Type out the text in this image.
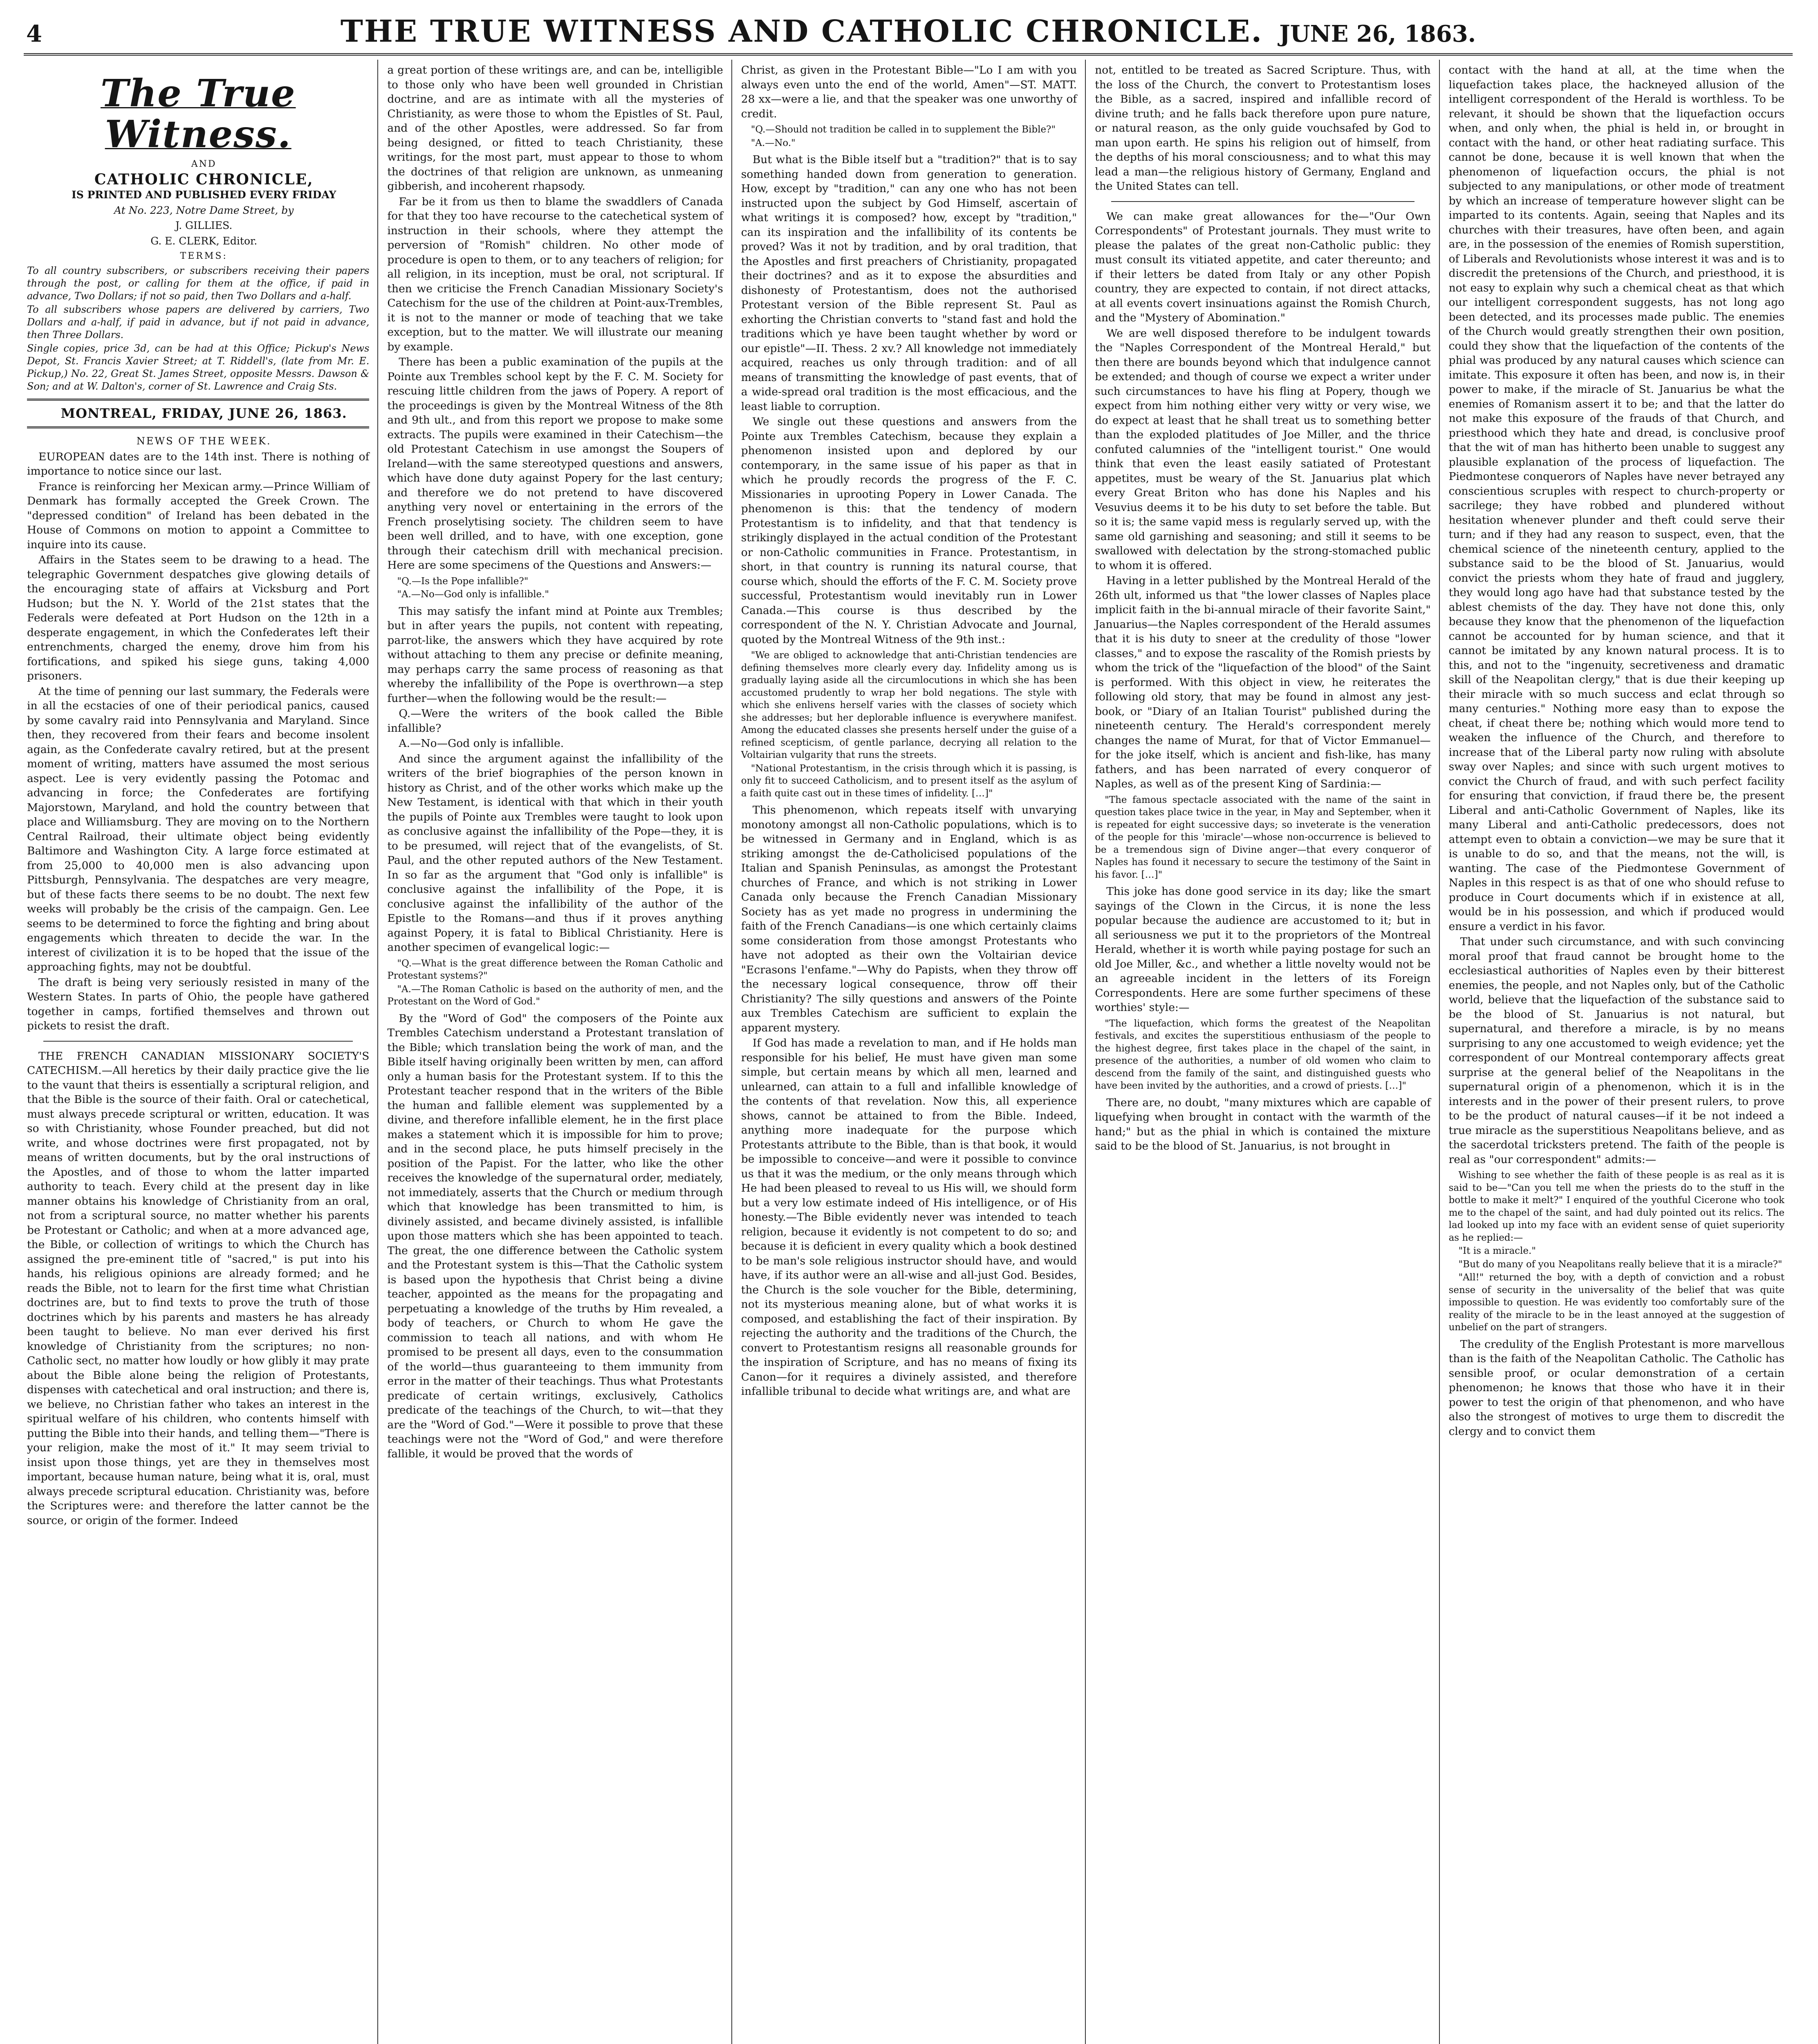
4	THE TRUE WITNESS AND CATHOLIC CHRONICLE. JUNE 26, 1863.
The True Witness.

AND

CATHOLIC CHRONICLE,

IS PRINTED AND PUBLISHED EVERY FRIDAY

At No. 223, Notre Dame Street, by

J. GILLIES.

G. E. CLERK, Editor.

TERMS:

To all country subscribers, or subscribers receiving their papers through the post, or calling for them at the office, if paid in advance, Two Dollars; if not so paid, then Two Dollars and a-half.

To all subscribers whose papers are delivered by carriers, Two Dollars and a-half, if paid in advance, but if not paid in advance, then Three Dollars.

Single copies, price 3d, can be had at this Office; Pickup's News Depot, St. Francis Xavier Street; at T. Riddell's, (late from Mr. E. Pickup,) No. 22, Great St. James Street, opposite Messrs. Dawson & Son; and at W. Dalton's, corner of St. Lawrence and Craig Sts.

MONTREAL, FRIDAY, JUNE 26, 1863.

NEWS OF THE WEEK.

EUROPEAN dates are to the 14th inst. There is nothing of importance to notice since our last.

France is reinforcing her Mexican army.—Prince William of Denmark has formally accepted the Greek Crown. The "depressed condition" of Ireland has been debated in the House of Commons on motion to appoint a Committee to inquire into its cause.

Affairs in the States seem to be drawing to a head. The telegraphic Government despatches give glowing details of the encouraging state of affairs at Vicksburg and Port Hudson; but the N. Y. World of the 21st states that the Federals were defeated at Port Hudson on the 12th in a desperate engagement, in which the Confederates left their entrenchments, charged the enemy, drove him from his fortifications, and spiked his siege guns, taking 4,000 prisoners.

At the time of penning our last summary, the Federals were in all the ecstacies of one of their periodical panics, caused by some cavalry raid into Pennsylvania and Maryland. Since then, they recovered from their fears and become insolent again, as the Confederate cavalry retired, but at the present moment of writing, matters have assumed the most serious aspect. Lee is very evidently passing the Potomac and advancing in force; the Confederates are fortifying Majorstown, Maryland, and hold the country between that place and Williamsburg. They are moving on to the Northern Central Railroad, their ultimate object being evidently Baltimore and Washington City. A large force estimated at from 25,000 to 40,000 men is also advancing upon Pittsburgh, Pennsylvania. The despatches are very meagre, but of these facts there seems to be no doubt. The next few weeks will probably be the crisis of the campaign. Gen. Lee seems to be determined to force the fighting and bring about engagements which threaten to decide the war. In the interest of civilization it is to be hoped that the issue of the approaching fights, may not be doubtful.

The draft is being very seriously resisted in many of the Western States. In parts of Ohio, the people have gathered together in camps, fortified themselves and thrown out pickets to resist the draft.

THE FRENCH CANADIAN MISSIONARY SOCIETY'S CATECHISM.—All heretics by their daily practice give the lie to the vaunt that theirs is essentially a scriptural religion, and that the Bible is the source of their faith. Oral or catechetical, must always precede scriptural or written, education. It was so with Christianity, whose Founder preached, but did not write, and whose doctrines were first propagated, not by means of written documents, but by the oral instructions of the Apostles, and of those to whom the latter imparted authority to teach. Every child at the present day in like manner obtains his knowledge of Christianity from an oral, not from a scriptural source, no matter whether his parents be Protestant or Catholic; and when at a more advanced age, the Bible, or collection of writings to which the Church has assigned the pre-eminent title of "sacred," is put into his hands, his religious opinions are already formed; and he reads the Bible, not to learn for the first time what Christian doctrines are, but to find texts to prove the truth of those doctrines which by his parents and masters he has already been taught to believe. No man ever derived his first knowledge of Christianity from the scriptures; no non-Catholic sect, no matter how loudly or how glibly it may prate about the Bible alone being the religion of Protestants, dispenses with catechetical and oral instruction; and there is, we believe, no Christian father who takes an interest in the spiritual welfare of his children, who contents himself with putting the Bible into their hands, and telling them—"There is your religion, make the most of it." It may seem trivial to insist upon those things, yet are they in themselves most important, because human nature, being what it is, oral, must always precede scriptural education. Christianity was, before the Scriptures were: and therefore the latter cannot be the source, or origin of the former. Indeed

a great portion of these writings are, and can be, intelligible to those only who have been well grounded in Christian doctrine, and are as intimate with all the mysteries of Christianity, as were those to whom the Epistles of St. Paul, and of the other Apostles, were addressed. So far from being designed, or fitted to teach Christianity, these writings, for the most part, must appear to those to whom the doctrines of that religion are unknown, as unmeaning gibberish, and incoherent rhapsody.

Far be it from us then to blame the swaddlers of Canada for that they too have recourse to the catechetical system of instruction in their schools, where they attempt the perversion of "Romish" children. No other mode of procedure is open to them, or to any teachers of religion; for all religion, in its inception, must be oral, not scriptural. If then we criticise the French Canadian Missionary Society's Catechism for the use of the children at Point-aux-Trembles, it is not to the manner or mode of teaching that we take exception, but to the matter. We will illustrate our meaning by example.

There has been a public examination of the pupils at the Pointe aux Trembles school kept by the F. C. M. Society for rescuing little children from the jaws of Popery. A report of the proceedings is given by the Montreal Witness of the 8th and 9th ult., and from this report we propose to make some extracts. The pupils were examined in their Catechism—the old Protestant Catechism in use amongst the Soupers of Ireland—with the same stereotyped questions and answers, which have done duty against Popery for the last century; and therefore we do not pretend to have discovered anything very novel or entertaining in the errors of the French proselytising society. The children seem to have been well drilled, and to have, with one exception, gone through their catechism drill with mechanical precision. Here are some specimens of the Questions and Answers:—

"Q.—Is the Pope infallible?"

"A.—No—God only is infallible."

This may satisfy the infant mind at Pointe aux Trembles; but in after years the pupils, not content with repeating, parrot-like, the answers which they have acquired by rote without attaching to them any precise or definite meaning, may perhaps carry the same process of reasoning as that whereby the infallibility of the Pope is overthrown—a step further—when the following would be the result:—

Q.—Were the writers of the book called the Bible infallible?

A.—No—God only is infallible.

And since the argument against the infallibility of the writers of the brief biographies of the person known in history as Christ, and of the other works which make up the New Testament, is identical with that which in their youth the pupils of Pointe aux Trembles were taught to look upon as conclusive against the infallibility of the Pope—they, it is to be presumed, will reject that of the evangelists, of St. Paul, and the other reputed authors of the New Testament. In so far as the argument that "God only is infallible" is conclusive against the infallibility of the Pope, it is conclusive against the infallibility of the author of the Epistle to the Romans—and thus if it proves anything against Popery, it is fatal to Biblical Christianity. Here is another specimen of evangelical logic:—

"Q.—What is the great difference between the Roman Catholic and Protestant systems?"

"A.—The Roman Catholic is based on the authority of men, and the Protestant on the Word of God."

By the "Word of God" the composers of the Pointe aux Trembles Catechism understand a Protestant translation of the Bible; which translation being the work of man, and the Bible itself having originally been written by men, can afford only a human basis for the Protestant system. If to this the Protestant teacher respond that in the writers of the Bible the human and fallible element was supplemented by a divine, and therefore infallible element, he in the first place makes a statement which it is impossible for him to prove; and in the second place, he puts himself precisely in the position of the Papist. For the latter, who like the other receives the knowledge of the supernatural order, mediately, not immediately, asserts that the Church or medium through which that knowledge has been transmitted to him, is divinely assisted, and became divinely assisted, is infallible upon those matters which she has been appointed to teach. The great, the one difference between the Catholic system and the Protestant system is this—That the Catholic system is based upon the hypothesis that Christ being a divine teacher, appointed as the means for the propagating and perpetuating a knowledge of the truths by Him revealed, a body of teachers, or Church to whom He gave the commission to teach all nations, and with whom He promised to be present all days, even to the consummation of the world—thus guaranteeing to them immunity from error in the matter of their teachings. Thus what Protestants predicate of certain writings, exclusively, Catholics predicate of the teachings of the Church, to wit—that they are the "Word of God."—Were it possible to prove that these teachings were not the "Word of God," and were therefore fallible, it would be proved that the words of

Christ, as given in the Protestant Bible—"Lo I am with you always even unto the end of the world, Amen"—ST. MATT. 28 xx—were a lie, and that the speaker was one unworthy of credit.

"Q.—Should not tradition be called in to supplement the Bible?"

"A.—No."

But what is the Bible itself but a "tradition?" that is to say something handed down from generation to generation. How, except by "tradition," can any one who has not been instructed upon the subject by God Himself, ascertain of what writings it is composed? how, except by "tradition," can its inspiration and the infallibility of its contents be proved? Was it not by tradition, and by oral tradition, that the Apostles and first preachers of Christianity, propagated their doctrines? and as it to expose the absurdities and dishonesty of Protestantism, does not the authorised Protestant version of the Bible represent St. Paul as exhorting the Christian converts to "stand fast and hold the traditions which ye have been taught whether by word or our epistle"—II. Thess. 2 xv.? All knowledge not immediately acquired, reaches us only through tradition: and of all means of transmitting the knowledge of past events, that of a wide-spread oral tradition is the most efficacious, and the least liable to corruption.

We single out these questions and answers from the Pointe aux Trembles Catechism, because they explain a phenomenon insisted upon and deplored by our contemporary, in the same issue of his paper as that in which he proudly records the progress of the F. C. Missionaries in uprooting Popery in Lower Canada. The phenomenon is this: that the tendency of modern Protestantism is to infidelity, and that that tendency is strikingly displayed in the actual condition of the Protestant or non-Catholic communities in France. Protestantism, in short, in that country is running its natural course, that course which, should the efforts of the F. C. M. Society prove successful, Protestantism would inevitably run in Lower Canada.—This course is thus described by the correspondent of the N. Y. Christian Advocate and Journal, quoted by the Montreal Witness of the 9th inst.:

"We are obliged to acknowledge that anti-Christian tendencies are defining themselves more clearly every day. Infidelity among us is gradually laying aside all the circumlocutions in which she has been accustomed prudently to wrap her bold negations. The style with which she enlivens herself varies with the classes of society which she addresses; but her deplorable influence is everywhere manifest. Among the educated classes she presents herself under the guise of a refined scepticism, of gentle parlance, decrying all relation to the Voltairian vulgarity that runs the streets.

"National Protestantism, in the crisis through which it is passing, is only fit to succeed Catholicism, and to present itself as the asylum of a faith quite cast out in these times of infidelity. […]"

This phenomenon, which repeats itself with unvarying monotony amongst all non-Catholic populations, which is to be witnessed in Germany and in England, which is as striking amongst the de-Catholicised populations of the Italian and Spanish Peninsulas, as amongst the Protestant churches of France, and which is not striking in Lower Canada only because the French Canadian Missionary Society has as yet made no progress in undermining the faith of the French Canadians—is one which certainly claims some consideration from those amongst Protestants who have not adopted as their own the Voltairian device "Ecrasons l'enfame."—Why do Papists, when they throw off the necessary logical consequence, throw off their Christianity? The silly questions and answers of the Pointe aux Trembles Catechism are sufficient to explain the apparent mystery.

If God has made a revelation to man, and if He holds man responsible for his belief, He must have given man some simple, but certain means by which all men, learned and unlearned, can attain to a full and infallible knowledge of the contents of that revelation. Now this, all experience shows, cannot be attained to from the Bible. Indeed, anything more inadequate for the purpose which Protestants attribute to the Bible, than is that book, it would be impossible to conceive—and were it possible to convince us that it was the medium, or the only means through which He had been pleased to reveal to us His will, we should form but a very low estimate indeed of His intelligence, or of His honesty.—The Bible evidently never was intended to teach religion, because it evidently is not competent to do so; and because it is deficient in every quality which a book destined to be man's sole religious instructor should have, and would have, if its author were an all-wise and all-just God. Besides, the Church is the sole voucher for the Bible, determining, not its mysterious meaning alone, but of what works it is composed, and establishing the fact of their inspiration. By rejecting the authority and the traditions of the Church, the convert to Protestantism resigns all reasonable grounds for the inspiration of Scripture, and has no means of fixing its Canon—for it requires a divinely assisted, and therefore infallible tribunal to decide what writings are, and what are

not, entitled to be treated as Sacred Scripture. Thus, with the loss of the Church, the convert to Protestantism loses the Bible, as a sacred, inspired and infallible record of divine truth; and he falls back therefore upon pure nature, or natural reason, as the only guide vouchsafed by God to man upon earth. He spins his religion out of himself, from the depths of his moral consciousness; and to what this may lead a man—the religious history of Germany, England and the United States can tell.

We can make great allowances for the—"Our Own Correspondents" of Protestant journals. They must write to please the palates of the great non-Catholic public: they must consult its vitiated appetite, and cater thereunto; and if their letters be dated from Italy or any other Popish country, they are expected to contain, if not direct attacks, at all events covert insinuations against the Romish Church, and the "Mystery of Abomination."

We are well disposed therefore to be indulgent towards the "Naples Correspondent of the Montreal Herald," but then there are bounds beyond which that indulgence cannot be extended; and though of course we expect a writer under such circumstances to have his fling at Popery, though we expect from him nothing either very witty or very wise, we do expect at least that he shall treat us to something better than the exploded platitudes of Joe Miller, and the thrice confuted calumnies of the "intelligent tourist." One would think that even the least easily satiated of Protestant appetites, must be weary of the St. Januarius plat which every Great Briton who has done his Naples and his Vesuvius deems it to be his duty to set before the table. But so it is; the same vapid mess is regularly served up, with the same old garnishing and seasoning; and still it seems to be swallowed with delectation by the strong-stomached public to whom it is offered.

Having in a letter published by the Montreal Herald of the 26th ult, informed us that "the lower classes of Naples place implicit faith in the bi-annual miracle of their favorite Saint," Januarius—the Naples correspondent of the Herald assumes that it is his duty to sneer at the credulity of those "lower classes," and to expose the rascality of the Romish priests by whom the trick of the "liquefaction of the blood" of the Saint is performed. With this object in view, he reiterates the following old story, that may be found in almost any jest-book, or "Diary of an Italian Tourist" published during the nineteenth century. The Herald's correspondent merely changes the name of Murat, for that of Victor Emmanuel—for the joke itself, which is ancient and fish-like, has many fathers, and has been narrated of every conqueror of Naples, as well as of the present King of Sardinia:—

"The famous spectacle associated with the name of the saint in question takes place twice in the year, in May and September, when it is repeated for eight successive days; so inveterate is the veneration of the people for this 'miracle'—whose non-occurrence is believed to be a tremendous sign of Divine anger—that every conqueror of Naples has found it necessary to secure the testimony of the Saint in his favor. […]"

This joke has done good service in its day; like the smart sayings of the Clown in the Circus, it is none the less popular because the audience are accustomed to it; but in all seriousness we put it to the proprietors of the Montreal Herald, whether it is worth while paying postage for such an old Joe Miller, &c., and whether a little novelty would not be an agreeable incident in the letters of its Foreign Correspondents. Here are some further specimens of these worthies' style:—

"The liquefaction, which forms the greatest of the Neapolitan festivals, and excites the superstitious enthusiasm of the people to the highest degree, first takes place in the chapel of the saint, in presence of the authorities, a number of old women who claim to descend from the family of the saint, and distinguished guests who have been invited by the authorities, and a crowd of priests. […]"

There are, no doubt, "many mixtures which are capable of liquefying when brought in contact with the warmth of the hand;" but as the phial in which is contained the mixture said to be the blood of St. Januarius, is not brought in

contact with the hand at all, at the time when the liquefaction takes place, the hackneyed allusion of the intelligent correspondent of the Herald is worthless. To be relevant, it should be shown that the liquefaction occurs when, and only when, the phial is held in, or brought in contact with the hand, or other heat radiating surface. This cannot be done, because it is well known that when the phenomenon of liquefaction occurs, the phial is not subjected to any manipulations, or other mode of treatment by which an increase of temperature however slight can be imparted to its contents. Again, seeing that Naples and its churches with their treasures, have often been, and again are, in the possession of the enemies of Romish superstition, of Liberals and Revolutionists whose interest it was and is to discredit the pretensions of the Church, and priesthood, it is not easy to explain why such a chemical cheat as that which our intelligent correspondent suggests, has not long ago been detected, and its processes made public. The enemies of the Church would greatly strengthen their own position, could they show that the liquefaction of the contents of the phial was produced by any natural causes which science can imitate. This exposure it often has been, and now is, in their power to make, if the miracle of St. Januarius be what the enemies of Romanism assert it to be; and that the latter do not make this exposure of the frauds of that Church, and priesthood which they hate and dread, is conclusive proof that the wit of man has hitherto been unable to suggest any plausible explanation of the process of liquefaction. The Piedmontese conquerors of Naples have never betrayed any conscientious scruples with respect to church-property or sacrilege; they have robbed and plundered without hesitation whenever plunder and theft could serve their turn; and if they had any reason to suspect, even, that the chemical science of the nineteenth century, applied to the substance said to be the blood of St. Januarius, would convict the priests whom they hate of fraud and jugglery, they would long ago have had that substance tested by the ablest chemists of the day. They have not done this, only because they know that the phenomenon of the liquefaction cannot be accounted for by human science, and that it cannot be imitated by any known natural process. It is to this, and not to the "ingenuity, secretiveness and dramatic skill of the Neapolitan clergy," that is due their keeping up their miracle with so much success and eclat through so many centuries." Nothing more easy than to expose the cheat, if cheat there be; nothing which would more tend to weaken the influence of the Church, and therefore to increase that of the Liberal party now ruling with absolute sway over Naples; and since with such urgent motives to convict the Church of fraud, and with such perfect facility for ensuring that conviction, if fraud there be, the present Liberal and anti-Catholic Government of Naples, like its many Liberal and anti-Catholic predecessors, does not attempt even to obtain a conviction—we may be sure that it is unable to do so, and that the means, not the will, is wanting. The case of the Piedmontese Government of Naples in this respect is as that of one who should refuse to produce in Court documents which if in existence at all, would be in his possession, and which if produced would ensure a verdict in his favor.

That under such circumstance, and with such convincing moral proof that fraud cannot be brought home to the ecclesiastical authorities of Naples even by their bitterest enemies, the people, and not Naples only, but of the Catholic world, believe that the liquefaction of the substance said to be the blood of St. Januarius is not natural, but supernatural, and therefore a miracle, is by no means surprising to any one accustomed to weigh evidence; yet the correspondent of our Montreal contemporary affects great surprise at the general belief of the Neapolitans in the supernatural origin of a phenomenon, which it is in the interests and in the power of their present rulers, to prove to be the product of natural causes—if it be not indeed a true miracle as the superstitious Neapolitans believe, and as the sacerdotal tricksters pretend. The faith of the people is real as "our correspondent" admits:—

Wishing to see whether the faith of these people is as real as it is said to be—"Can you tell me when the priests do to the stuff in the bottle to make it melt?" I enquired of the youthful Cicerone who took me to the chapel of the saint, and had duly pointed out its relics. The lad looked up into my face with an evident sense of quiet superiority as he replied:—

"It is a miracle."

"But do many of you Neapolitans really believe that it is a miracle?"

"All!" returned the boy, with a depth of conviction and a robust sense of security in the universality of the belief that was quite impossible to question. He was evidently too comfortably sure of the reality of the miracle to be in the least annoyed at the suggestion of unbelief on the part of strangers.

The credulity of the English Protestant is more marvellous than is the faith of the Neapolitan Catholic. The Catholic has sensible proof, or ocular demonstration of a certain phenomenon; he knows that those who have it in their power to test the origin of that phenomenon, and who have also the strongest of motives to urge them to discredit the clergy and to convict them
